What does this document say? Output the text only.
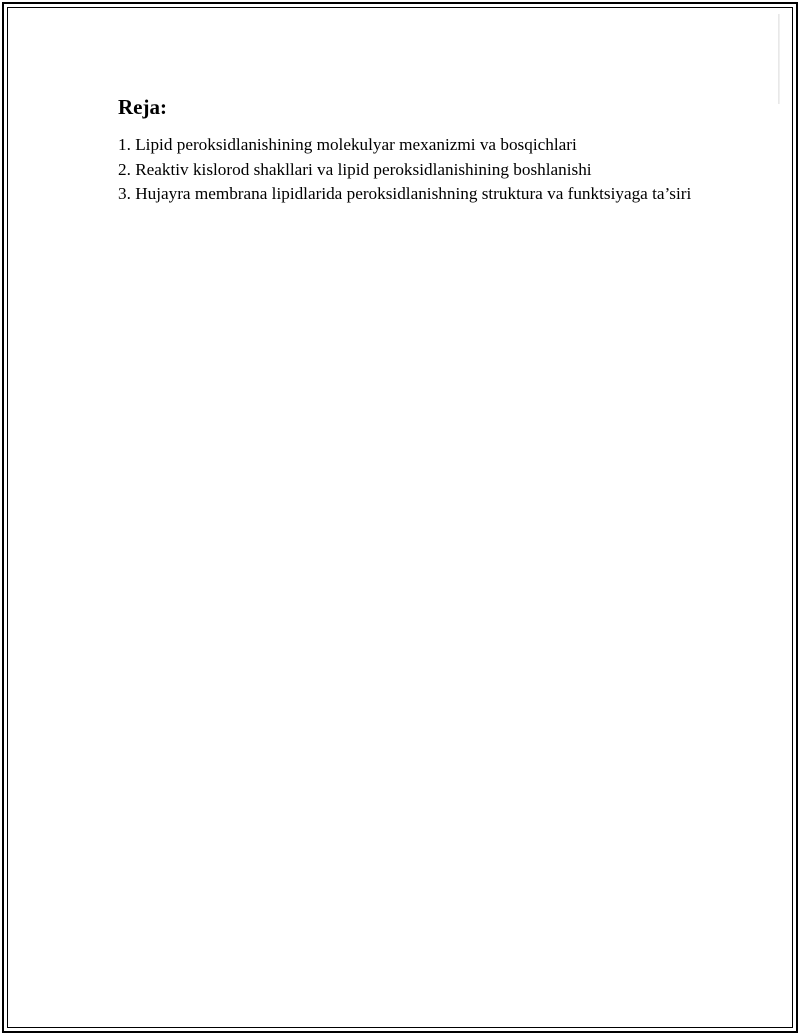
Reja:
1. Lipid peroksidlanishining molekulyar mexanizmi va bosqichlari
2. Reaktiv kislorod shakllari va lipid peroksidlanishining boshlanishi
3. Hujayra membrana lipidlarida peroksidlanishning struktura va funktsiyaga ta’siri
